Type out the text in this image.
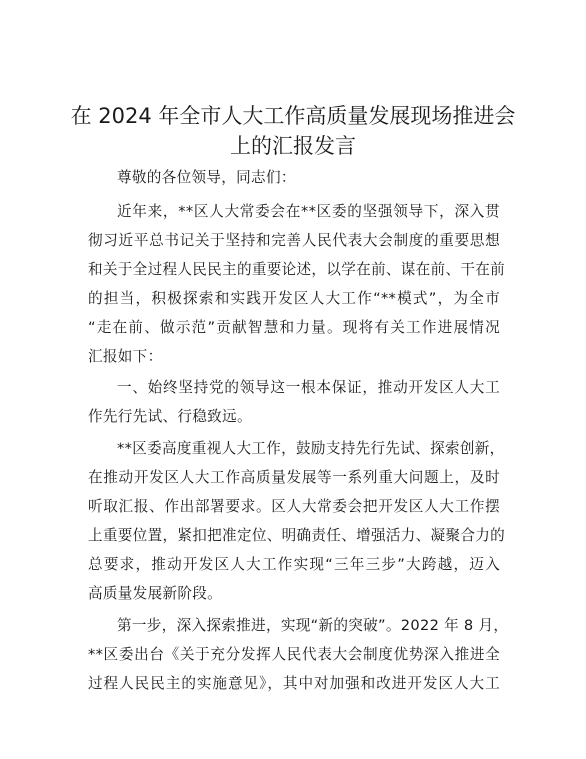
在 2024 年全市人大工作高质量发展现场推进会
上的汇报发言

尊敬的各位领导，同志们：

近年来，**区人大常委会在**区委的坚强领导下，深入贯

彻习近平总书记关于坚持和完善人民代表大会制度的重要思想

和关于全过程人民民主的重要论述，以学在前、谋在前、干在前

的担当，积极探索和实践开发区人大工作“**模式”，为全市

“走在前、做示范”贡献智慧和力量。现将有关工作进展情况

汇报如下：

一、始终坚持党的领导这一根本保证，推动开发区人大工

作先行先试、行稳致远。

**区委高度重视人大工作，鼓励支持先行先试、探索创新，

在推动开发区人大工作高质量发展等一系列重大问题上，及时

听取汇报、作出部署要求。区人大常委会把开发区人大工作摆

上重要位置，紧扣把准定位、明确责任、增强活力、凝聚合力的

总要求，推动开发区人大工作实现“三年三步”大跨越，迈入

高质量发展新阶段。

第一步，深入探索推进，实现“新的突破”。2022 年 8 月，

**区委出台《关于充分发挥人民代表大会制度优势深入推进全

过程人民民主的实施意见》，其中对加强和改进开发区人大工
